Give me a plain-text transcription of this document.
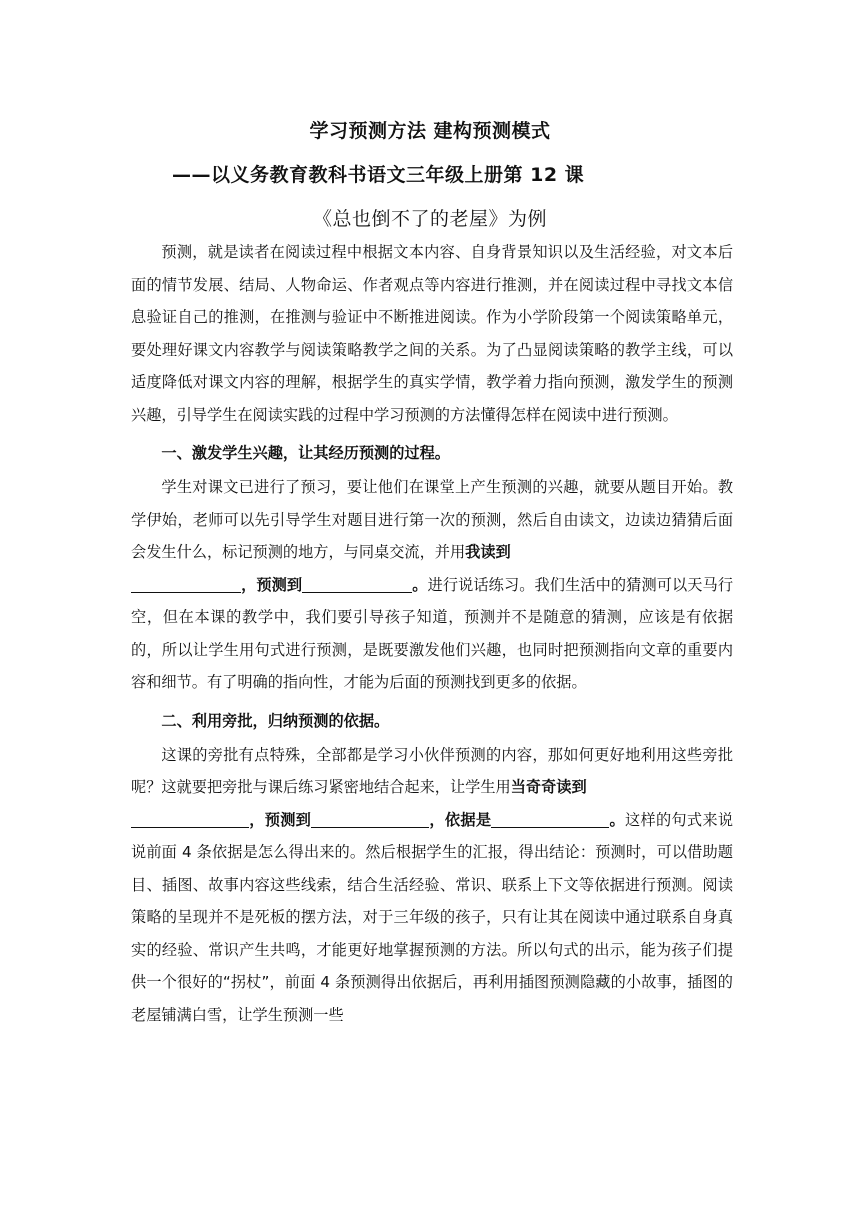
学习预测方法 建构预测模式
——以义务教育教科书语文三年级上册第 12 课
《总也倒不了的老屋》为例

预测，就是读者在阅读过程中根据文本内容、自身背景知识以及生活经验，对文本后面的情节发展、结局、人物命运、作者观点等内容进行推测，并在阅读过程中寻找文本信息验证自己的推测，在推测与验证中不断推进阅读。作为小学阶段第一个阅读策略单元，要处理好课文内容教学与阅读策略教学之间的关系。为了凸显阅读策略的教学主线，可以适度降低对课文内容的理解，根据学生的真实学情，教学着力指向预测，激发学生的预测兴趣，引导学生在阅读实践的过程中学习预测的方法懂得怎样在阅读中进行预测。

一、激发学生兴趣，让其经历预测的过程。

学生对课文已进行了预习，要让他们在课堂上产生预测的兴趣，就要从题目开始。教学伊始，老师可以先引导学生对题目进行第一次的预测，然后自由读文，边读边猜猜后面会发生什么，标记预测的地方，与同桌交流，并用我读到
，预测到	。进行说话练习。我们生活中的猜测可以天马行空，但在本课的教学中，我们要引导孩子知道，预测并不是随意的猜测，应该是有依据的，所以让学生用句式进行预测，是既要激发他们兴趣，也同时把预测指向文章的重要内容和细节。有了明确的指向性，才能为后面的预测找到更多的依据。

二、利用旁批，归纳预测的依据。

这课的旁批有点特殊，全部都是学习小伙伴预测的内容，那如何更好地利用这些旁批呢？这就要把旁批与课后练习紧密地结合起来，让学生用当奇奇读到
，预测到	，依据是	。这样的句式来说说前面 4 条依据是怎么得出来的。然后根据学生的汇报，得出结论：预测时，可以借助题目、插图、故事内容这些线索，结合生活经验、常识、联系上下文等依据进行预测。阅读策略的呈现并不是死板的摆方法，对于三年级的孩子，只有让其在阅读中通过联系自身真实的经验、常识产生共鸣，才能更好地掌握预测的方法。所以句式的出示，能为孩子们提供一个很好的“拐杖”，前面 4 条预测得出依据后，再利用插图预测隐藏的小故事，插图的老屋铺满白雪，让学生预测一些
